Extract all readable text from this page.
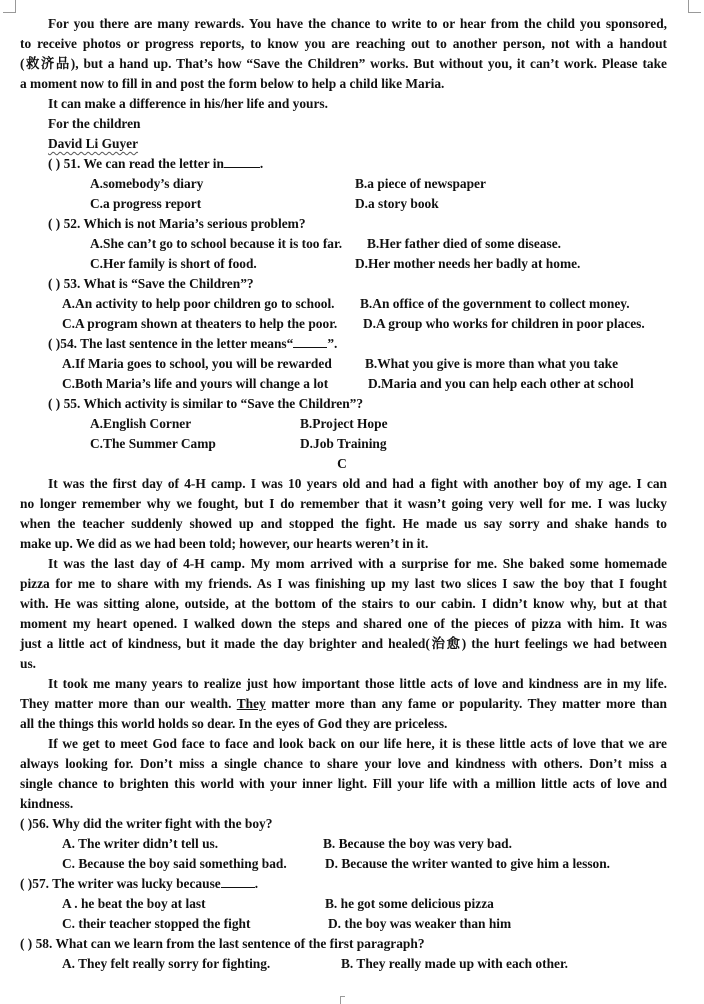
For you there are many rewards. You have the chance to write to or hear from the child you sponsored,
to receive photos or progress reports, to know you are reaching out to another person, not with a handout
(救济品), but a hand up. That’s how “Save the Children” works. But without you, it can’t work. Please take
a moment now to fill in and post the form below to help a child like Maria.
It can make a difference in his/her life and yours.
For the children
David Li Guyer
( ) 51. We can read the letter in	.
A.somebody’s diary	B.a piece of newspaper
C.a progress report	D.a story book
( ) 52. Which is not Maria’s serious problem?
A.She can’t go to school because it is too far. B.Her father died of some disease.
C.Her family is short of food.	D.Her mother needs her badly at home.
( ) 53. What is “Save the Children”?
A.An activity to help poor children go to school. B.An office of the government to collect money.
C.A program shown at theaters to help the poor. D.A group who works for children in poor places.
( )54. The last sentence in the letter means“	”.
A.If Maria goes to school, you will be rewarded B.What you give is more than what you take
C.Both Maria’s life and yours will change a lot	D.Maria and you can help each other at school
( ) 55. Which activity is similar to “Save the Children”?
A.English Corner	B.Project Hope
C.The Summer Camp	D.Job Training
C
It was the first day of 4-H camp. I was 10 years old and had a fight with another boy of my age. I can
no longer remember why we fought, but I do remember that it wasn’t going very well for me. I was lucky
when the teacher suddenly showed up and stopped the fight. He made us say sorry and shake hands to
make up. We did as we had been told; however, our hearts weren’t in it.
It was the last day of 4-H camp. My mom arrived with a surprise for me. She baked some homemade
pizza for me to share with my friends. As I was finishing up my last two slices I saw the boy that I fought
with. He was sitting alone, outside, at the bottom of the stairs to our cabin. I didn’t know why, but at that
moment my heart opened. I walked down the steps and shared one of the pieces of pizza with him. It was
just a little act of kindness, but it made the day brighter and healed(治愈) the hurt feelings we had between
us.
It took me many years to realize just how important those little acts of love and kindness are in my life.
They matter more than our wealth. They matter more than any fame or popularity. They matter more than
all the things this world holds so dear. In the eyes of God they are priceless.
If we get to meet God face to face and look back on our life here, it is these little acts of love that we are
always looking for. Don’t miss a single chance to share your love and kindness with others. Don’t miss a
single chance to brighten this world with your inner light. Fill your life with a million little acts of love and
kindness.
( )56. Why did the writer fight with the boy?
A. The writer didn’t tell us.	B. Because the boy was very bad.
C. Because the boy said something bad.	D. Because the writer wanted to give him a lesson.
( )57. The writer was lucky because	.
A . he beat the boy at last	B. he got some delicious pizza
C. their teacher stopped the fight	D. the boy was weaker than him
( ) 58. What can we learn from the last sentence of the first paragraph?
A. They felt really sorry for fighting.	B. They really made up with each other.
